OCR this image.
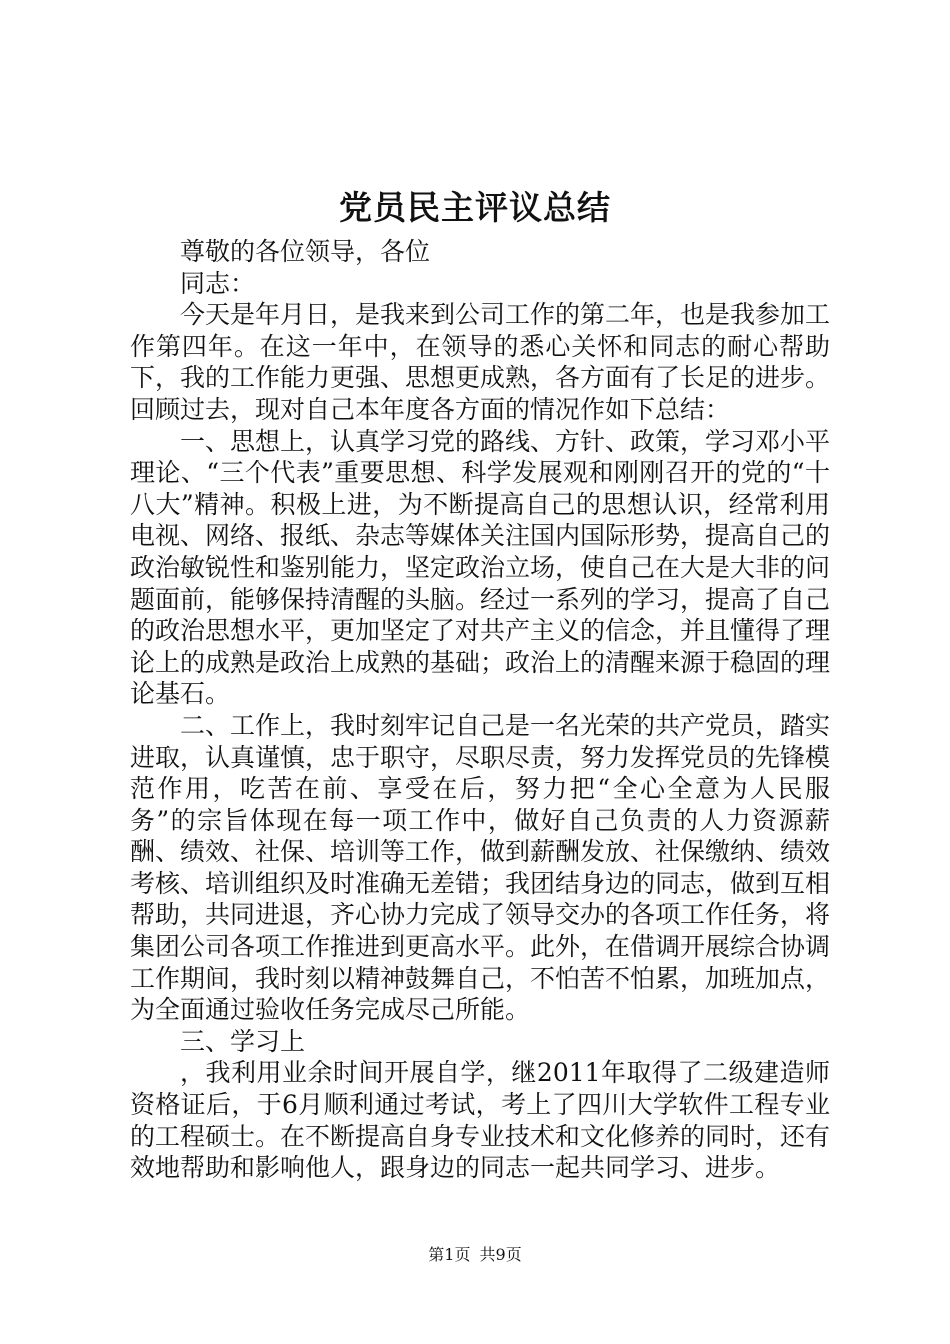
党员民主评议总结

尊敬的各位领导，各位

同志：

今天是年月日，是我来到公司工作的第二年，也是我参加工作第四年。在这一年中，在领导的悉心关怀和同志的耐心帮助下，我的工作能力更强、思想更成熟，各方面有了长足的进步。回顾过去，现对自己本年度各方面的情况作如下总结：

一、思想上，认真学习党的路线、方针、政策，学习邓小平理论、“三个代表”重要思想、科学发展观和刚刚召开的党的“十八大”精神。积极上进，为不断提高自己的思想认识，经常利用电视、网络、报纸、杂志等媒体关注国内国际形势，提高自己的政治敏锐性和鉴别能力，坚定政治立场，使自己在大是大非的问题面前，能够保持清醒的头脑。经过一系列的学习，提高了自己的政治思想水平，更加坚定了对共产主义的信念，并且懂得了理论上的成熟是政治上成熟的基础；政治上的清醒来源于稳固的理论基石。

二、工作上，我时刻牢记自己是一名光荣的共产党员，踏实进取，认真谨慎，忠于职守，尽职尽责，努力发挥党员的先锋模范作用，吃苦在前、享受在后，努力把“全心全意为人民服务”的宗旨体现在每一项工作中，做好自己负责的人力资源薪酬、绩效、社保、培训等工作，做到薪酬发放、社保缴纳、绩效考核、培训组织及时准确无差错；我团结身边的同志，做到互相帮助，共同进退，齐心协力完成了领导交办的各项工作任务，将集团公司各项工作推进到更高水平。此外，在借调开展综合协调工作期间，我时刻以精神鼓舞自己，不怕苦不怕累，加班加点，为全面通过验收任务完成尽己所能。

三、学习上

，我利用业余时间开展自学，继2011年取得了二级建造师资格证后，于6月顺利通过考试，考上了四川大学软件工程专业的工程硕士。在不断提高自身专业技术和文化修养的同时，还有效地帮助和影响他人，跟身边的同志一起共同学习、进步。

第1页 共9页
